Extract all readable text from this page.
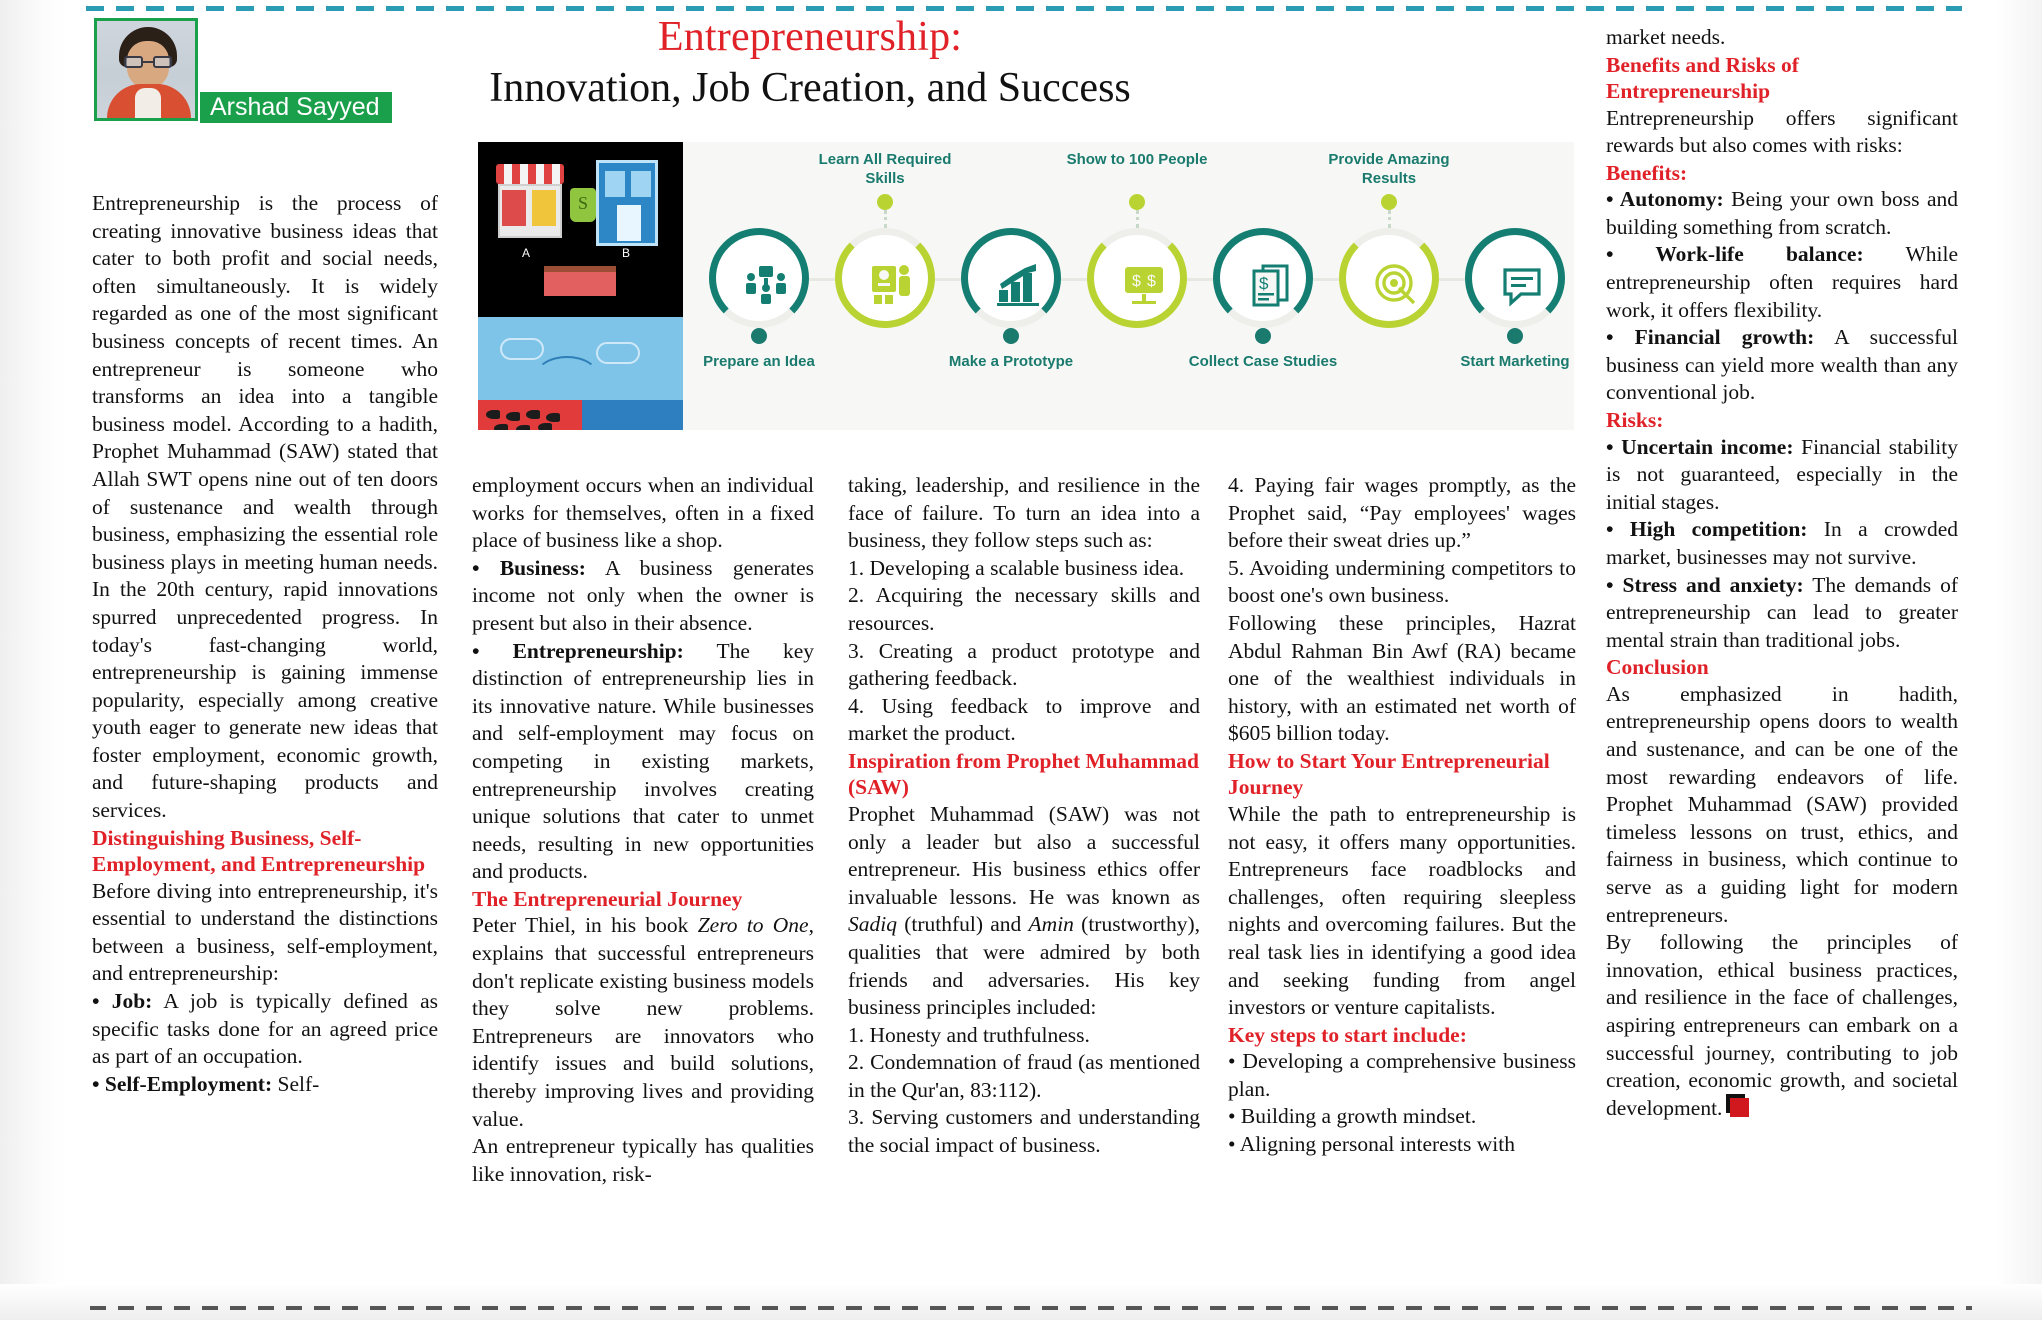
Arshad Sayyed
Entrepreneurship:
Innovation, Job Creation, and Success
S
A	B
Prepare an Idea
Learn All Required Skills
Make a Prototype
Show to 100 People
$ $
Collect Case Studies
$
Provide Amazing Results
Start Marketing

Entrepreneurship is the process of creating innovative business ideas that cater to both profit and social needs, often simultaneously. It is widely regarded as one of the most significant business concepts of recent times. An entrepreneur is someone who transforms an idea into a tangible business model. According to a hadith, Prophet Muhammad (SAW) stated that Allah SWT opens nine out of ten doors of sustenance and wealth through business, emphasizing the essential role business plays in meeting human needs. In the 20th century, rapid innovations spurred unprecedented progress. In today's fast-changing world, entrepreneurship is gaining immense popularity, especially among creative youth eager to generate new ideas that foster employment, economic growth, and future-shaping products and services.

Distinguishing Business, Self-Employment, and Entrepreneurship

Before diving into entrepreneurship, it's essential to understand the distinctions between a business, self-employment, and entrepreneurship:

• Job: A job is typically defined as specific tasks done for an agreed price as part of an occupation.

• Self-Employment: Self-

employment occurs when an individual works for themselves, often in a fixed place of business like a shop.

• Business: A business generates income not only when the owner is present but also in their absence.

• Entrepreneurship: The key distinction of entrepreneurship lies in its innovative nature. While businesses and self-employment may focus on competing in existing markets, entrepreneurship involves creating unique solutions that cater to unmet needs, resulting in new opportunities and products.

The Entrepreneurial Journey

Peter Thiel, in his book Zero to One, explains that successful entrepreneurs don't replicate existing business models they solve new problems. Entrepreneurs are innovators who identify issues and build solutions, thereby improving lives and providing value.

An entrepreneur typically has qualities like innovation, risk-

taking, leadership, and resilience in the face of failure. To turn an idea into a business, they follow steps such as:

1. Developing a scalable business idea.

2. Acquiring the necessary skills and resources.

3. Creating a product prototype and gathering feedback.

4. Using feedback to improve and market the product.

Inspiration from Prophet Muhammad (SAW)

Prophet Muhammad (SAW) was not only a leader but also a successful entrepreneur. His business ethics offer invaluable lessons. He was known as Sadiq (truthful) and Amin (trustworthy), qualities that were admired by both friends and adversaries. His key business principles included:

1. Honesty and truthfulness.

2. Condemnation of fraud (as mentioned in the Qur'an, 83:112).

3. Serving customers and understanding the social impact of business.

4. Paying fair wages promptly, as the Prophet said, “Pay employees' wages before their sweat dries up.”

5. Avoiding undermining competitors to boost one's own business.

Following these principles, Hazrat Abdul Rahman Bin Awf (RA) became one of the wealthiest individuals in history, with an estimated net worth of $605 billion today.

How to Start Your Entrepreneurial Journey

While the path to entrepreneurship is not easy, it offers many opportunities. Entrepreneurs face roadblocks and challenges, often requiring sleepless nights and overcoming failures. But the real task lies in identifying a good idea and seeking funding from angel investors or venture capitalists.

Key steps to start include:

• Developing a comprehensive business plan.

• Building a growth mindset.

• Aligning personal interests with

market needs.

Benefits and Risks of Entrepreneurship

Entrepreneurship offers significant rewards but also comes with risks:

Benefits:

• Autonomy: Being your own boss and building something from scratch.

• Work-life balance: While entrepreneurship often requires hard work, it offers flexibility.

• Financial growth: A successful business can yield more wealth than any conventional job.

Risks:

• Uncertain income: Financial stability is not guaranteed, especially in the initial stages.

• High competition: In a crowded market, businesses may not survive.

• Stress and anxiety: The demands of entrepreneurship can lead to greater mental strain than traditional jobs.

Conclusion

As emphasized in hadith, entrepreneurship opens doors to wealth and sustenance, and can be one of the most rewarding endeavors of life. Prophet Muhammad (SAW) provided timeless lessons on trust, ethics, and fairness in business, which continue to serve as a guiding light for modern entrepreneurs.

By following the principles of innovation, ethical business practices, and resilience in the face of challenges, aspiring entrepreneurs can embark on a successful journey, contributing to job creation, economic growth, and societal development.
